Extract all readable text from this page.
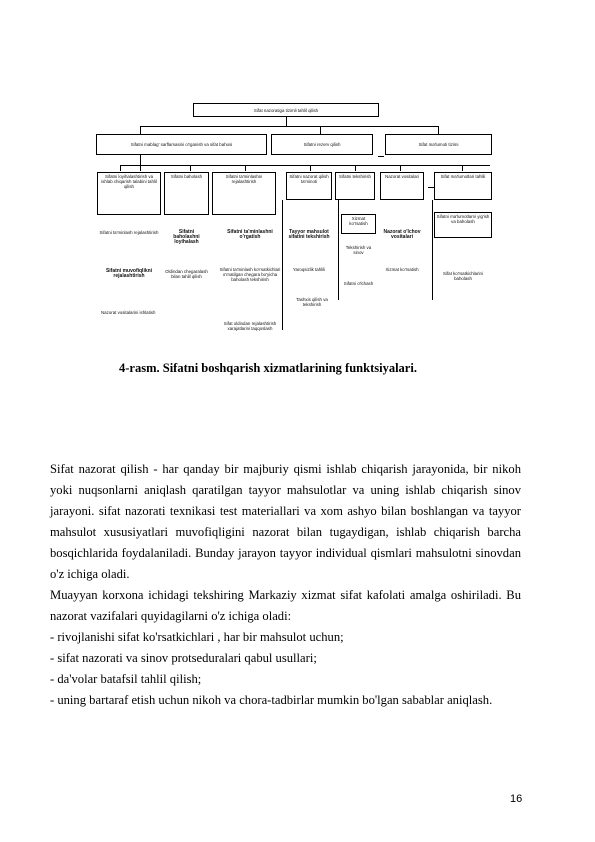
Sifat nazoratiga tizimli tahlil qilish
Sifatni mablag' sarflamasini o'rganish va sifat bahosi	Sifatni rezerv qilish	Sifat ma'lumoti tizimi
Sifatni loyihalashtirish va ishlab chiqarish talabini tahlil qilish
Sifatni ta'minlash rejalashtirish
Sifatni muvofiqlikni rejalashtirish
Nazorat vositalarini ishlatish
Sifatni baholash
Sifatni baholashni loyihalash
Oldindan chegaralash bilan tahlil qilish
Sifatni ta'minlashni rejalashtirish
Sifatni ta'minlashni o'rgatish
Sifatni ta'minlash ko'rsatkichlari o'rnatilgan chegara bo'yicha baholash tekshirish
Sifat oldindan rejalashtirish xarajatlarini taqqoslash
Sifatni nazorat qilish ta'minoti
Tayyor mahsulot sifatini tekshirish
Yaroqsizlik tahlili
Tashxis qilish va tekshirish
Sifatni tekshirish
Xizmat ko'rsatish
Tekshirish va sinov
Sifatni o'lchash
Nazorat vositalari
Nazorat o'lchov vositalari
Xizmat ko'rsatish
Sifat ma'lumotlari tahlili
Sifatni ma'lumotlarni yig'ish va baholash
Sifat ko'rsatkichlarini baholash
4-rasm. Sifatni boshqarish xizmatlarining funktsiyalari.

Sifat nazorat qilish - har qanday bir majburiy qismi ishlab chiqarish jarayonida, bir nikoh yoki nuqsonlarni aniqlash qaratilgan tayyor mahsulotlar va uning ishlab chiqarish sinov jarayoni. sifat nazorati texnikasi test materiallari va xom ashyo bilan boshlangan va tayyor mahsulot xususiyatlari muvofiqligini nazorat bilan tugaydigan, ishlab chiqarish barcha bosqichlarida foydalaniladi. Bunday jarayon tayyor individual qismlari mahsulotni sinovdan o'z ichiga oladi.

Muayyan korxona ichidagi tekshiring Markaziy xizmat sifat kafolati amalga oshiriladi. Bu nazorat vazifalari quyidagilarni o'z ichiga oladi:

- rivojlanishi sifat ko'rsatkichlari , har bir mahsulot uchun;

- sifat nazorati va sinov protseduralari qabul usullari;

- da'volar batafsil tahlil qilish;

- uning bartaraf etish uchun nikoh va chora-tadbirlar mumkin bo'lgan sabablar aniqlash.

16
